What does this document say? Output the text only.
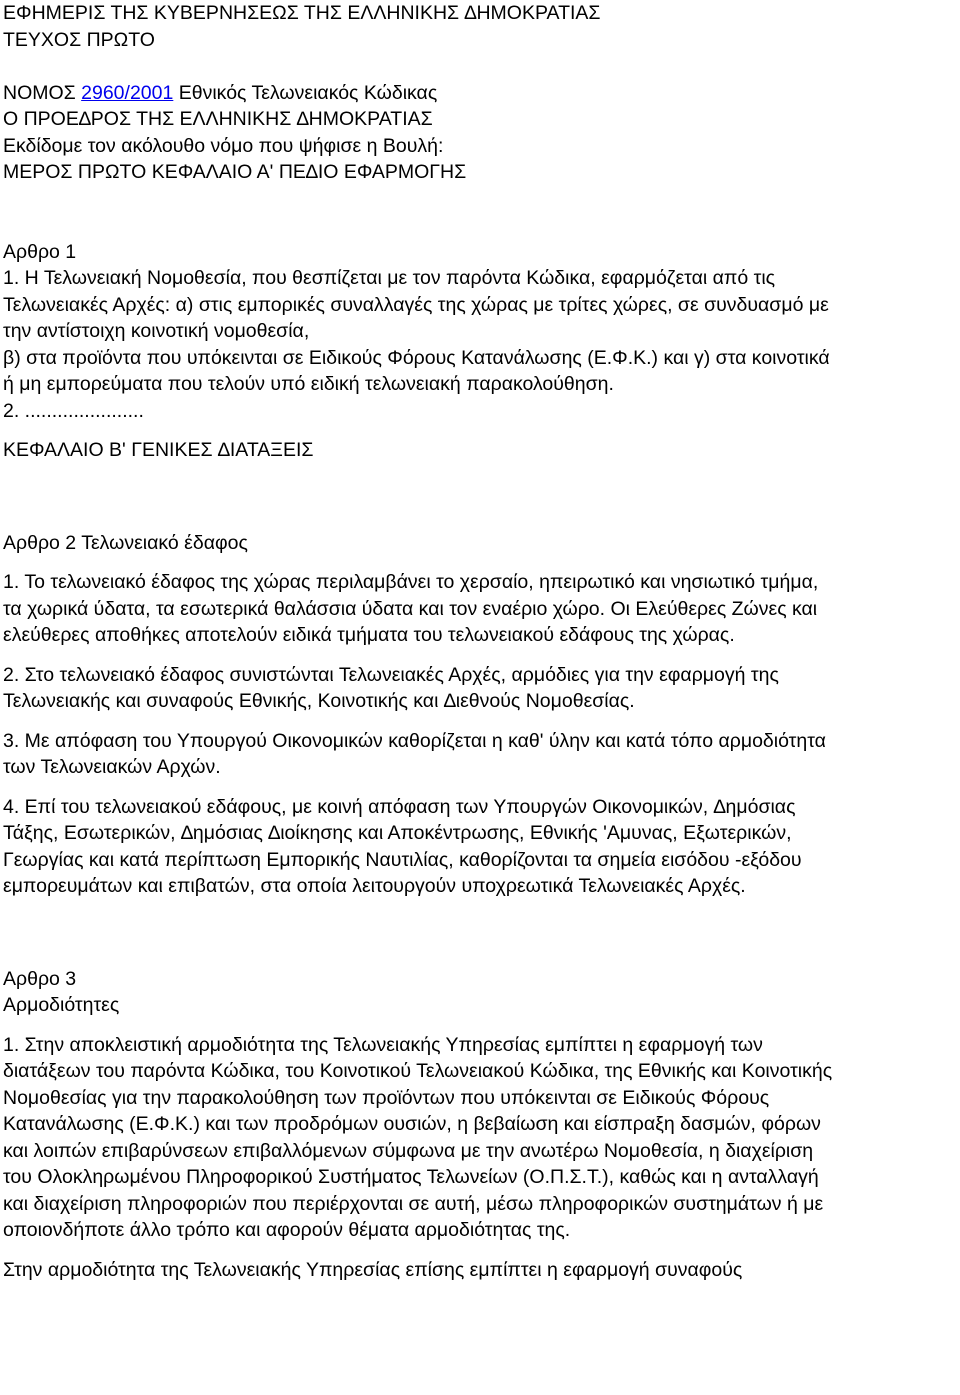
ΕΦΗΜΕΡΙΣ ΤΗΣ ΚΥΒΕΡΝΗΣΕΩΣ ΤΗΣ ΕΛΛΗΝΙΚΗΣ ∆ΗΜΟΚΡΑΤΙΑΣ
ΤΕΥΧΟΣ ΠΡΩΤΟ
ΝΟΜΟΣ 2960/2001 Εθνικός Τελωνειακός Κώδικας
Ο ΠΡΟΕ∆ΡΟΣ ΤΗΣ ΕΛΛΗΝΙΚΗΣ ∆ΗΜΟΚΡΑΤΙΑΣ
Εκδίδομε τον ακόλουθο νόμο που ψήφισε η Βουλή:
ΜΕΡΟΣ ΠΡΩΤΟ ΚΕΦΑΛΑΙΟ Α' ΠΕ∆ΙΟ ΕΦΑΡΜΟΓΗΣ
Αρθρο 1
1. Η Τελωνειακή Νομοθεσία, που θεσπίζεται με τον παρόντα Κώδικα, εφαρμόζεται από τις
Τελωνειακές Αρχές: α) στις εμπορικές συναλλαγές της χώρας με τρίτες χώρες, σε συνδυασμό με
την αντίστοιχη κοινοτική νομοθεσία,
β) στα προϊόντα που υπόκεινται σε Ειδικούς Φόρους Κατανάλωσης (Ε.Φ.Κ.) και γ) στα κοινοτικά
ή μη εμπορεύματα που τελούν υπό ειδική τελωνειακή παρακολούθηση.
2. ......................
ΚΕΦΑΛΑΙΟ Β' ΓΕΝΙΚΕΣ ∆ΙΑΤΑΞΕΙΣ
Αρθρο 2 Τελωνειακό έδαφος
1. Το τελωνειακό έδαφος της χώρας περιλαμβάνει το χερσαίο, ηπειρωτικό και νησιωτικό τμήμα,
τα χωρικά ύδατα, τα εσωτερικά θαλάσσια ύδατα και τον εναέριο χώρο. Οι Ελεύθερες Ζώνες και
ελεύθερες αποθήκες αποτελούν ειδικά τμήματα του τελωνειακού εδάφους της χώρας.
2. Στο τελωνειακό έδαφος συνιστώνται Τελωνειακές Αρχές, αρμόδιες για την εφαρμογή της
Τελωνειακής και συναφούς Εθνικής, Κοινοτικής και ∆ιεθνούς Νομοθεσίας.
3. Με απόφαση του Υπουργού Οικονομικών καθορίζεται η καθ' ύλην και κατά τόπο αρμοδιότητα
των Τελωνειακών Αρχών.
4. Επί του τελωνειακού εδάφους, με κοινή απόφαση των Υπουργών Οικονομικών, ∆ημόσιας
Τάξης, Εσωτερικών, ∆ημόσιας ∆ιοίκησης και Αποκέντρωσης, Εθνικής 'Αμυνας, Εξωτερικών,
Γεωργίας και κατά περίπτωση Εμπορικής Ναυτιλίας, καθορίζονται τα σημεία εισόδου -εξόδου
εμπορευμάτων και επιβατών, στα οποία λειτουργούν υποχρεωτικά Τελωνειακές Αρχές.
Αρθρο 3
Αρμοδιότητες
1. Στην αποκλειστική αρμοδιότητα της Τελωνειακής Υπηρεσίας εμπίπτει η εφαρμογή των
διατάξεων του παρόντα Κώδικα, του Κοινοτικού Τελωνειακού Κώδικα, της Εθνικής και Κοινοτικής
Νομοθεσίας για την παρακολούθηση των προϊόντων που υπόκεινται σε Ειδικούς Φόρους
Κατανάλωσης (Ε.Φ.Κ.) και των προδρόμων ουσιών, η βεβαίωση και είσπραξη δασμών, φόρων
και λοιπών επιβαρύνσεων επιβαλλόμενων σύμφωνα με την ανωτέρω Νομοθεσία, η διαχείριση
του Ολοκληρωμένου Πληροφορικού Συστήματος Τελωνείων (Ο.Π.Σ.Τ.), καθώς και η ανταλλαγή
και διαχείριση πληροφοριών που περιέρχονται σε αυτή, μέσω πληροφορικών συστημάτων ή με
οποιονδήποτε άλλο τρόπο και αφορούν θέματα αρμοδιότητας της.
Στην αρμοδιότητα της Τελωνειακής Υπηρεσίας επίσης εμπίπτει η εφαρμογή συναφούς
